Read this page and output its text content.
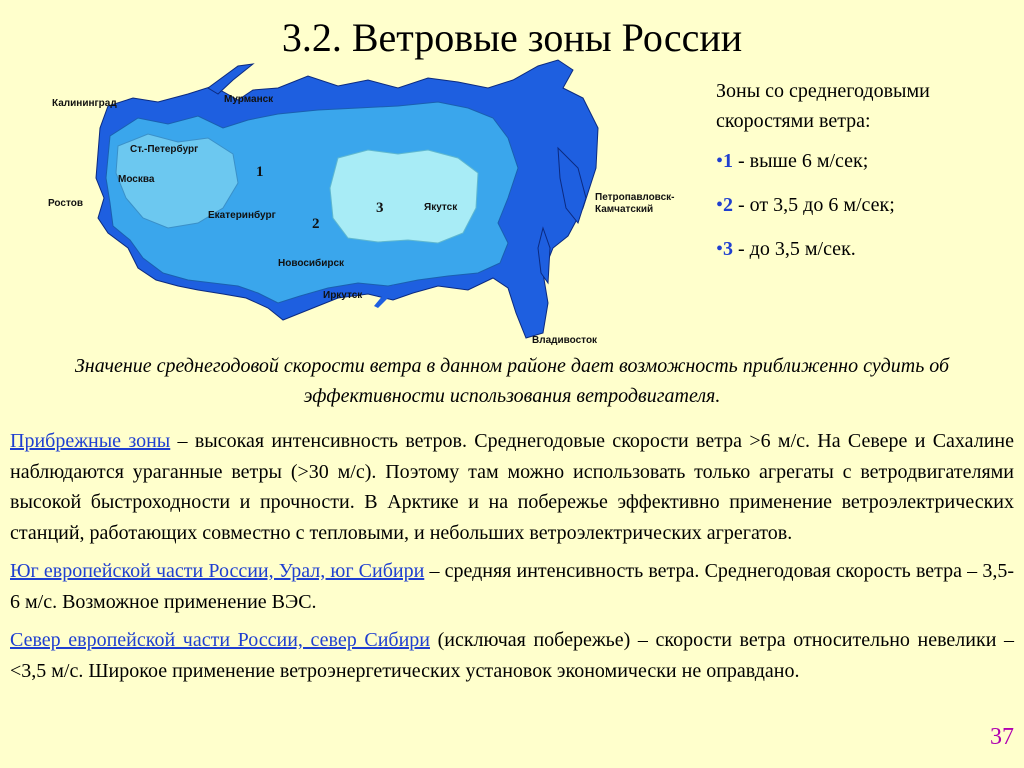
3.2. Ветровые зоны России
1
2
3
Калининград	Мурманск
Ст.-Петербург
Москва
Ростов
Екатеринбург
Новосибирск
Иркутск
Якутск
Петропавловск-
Камчатский
Владивосток

Зоны со среднегодовыми скоростями ветра:

•1 - выше 6 м/сек;

•2 - от 3,5 до 6 м/сек;

•3 - до 3,5 м/сек.

Значение среднегодовой скорости ветра в данном районе дает возможность приближенно судить об эффективности использования ветродвигателя.

Прибрежные зоны – высокая интенсивность ветров. Среднегодовые скорости ветра >6 м/с. На Севере и Сахалине наблюдаются ураганные ветры (>30 м/с). Поэтому там можно использовать только агрегаты с ветродвигателями высокой быстроходности и прочности. В Арктике и на побережье эффективно применение ветроэлектрических станций, работающих совместно с тепловыми, и небольших ветроэлектрических агрегатов.

Юг европейской части России, Урал, юг Сибири – средняя интенсивность ветра. Среднегодовая скорость ветра – 3,5-6 м/с. Возможное применение ВЭС.

Север европейской части России, север Сибири (исключая побережье) – скорости ветра относительно невелики – <3,5 м/с. Широкое применение ветроэнергетических установок экономически не оправдано.

37
